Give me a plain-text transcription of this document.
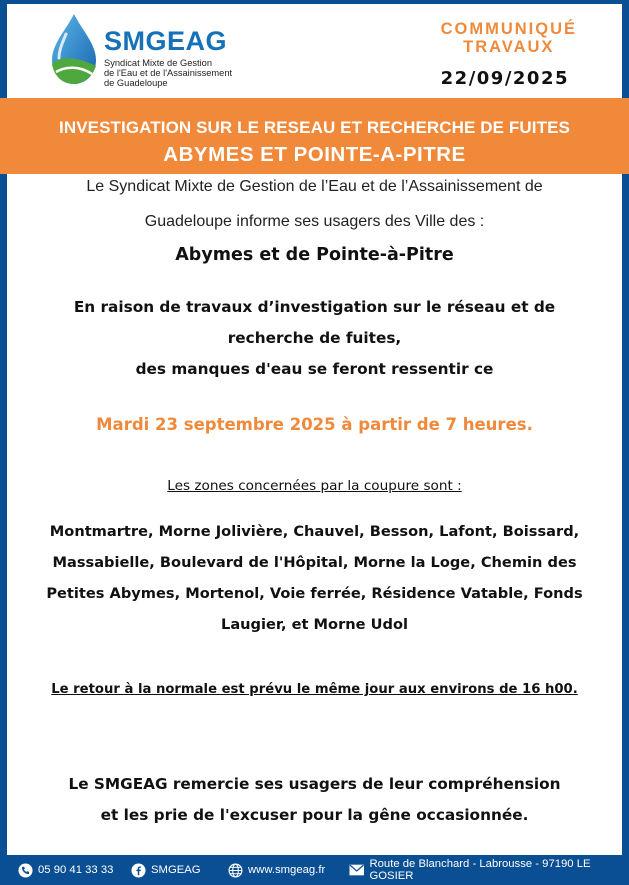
SMGEAG
Syndicat Mixte de Gestion
de l'Eau et de l'Assainissement
de Guadeloupe
COMMUNIQUÉ
TRAVAUX
22/09/2025
INVESTIGATION SUR LE RESEAU ET RECHERCHE DE FUITES
ABYMES ET POINTE-A-PITRE
Le Syndicat Mixte de Gestion de l’Eau et de l’Assainissement de
Guadeloupe informe ses usagers des Ville des :
Abymes et de Pointe-à-Pitre
En raison de travaux d’investigation sur le réseau et de
recherche de fuites,
des manques d'eau se feront ressentir ce
Mardi 23 septembre 2025 à partir de 7 heures.
Les zones concernées par la coupure sont :
Montmartre, Morne Jolivière, Chauvel, Besson, Lafont, Boissard,
Massabielle, Boulevard de l'Hôpital, Morne la Loge, Chemin des
Petites Abymes, Mortenol, Voie ferrée, Résidence Vatable, Fonds
Laugier, et Morne Udol
Le retour à la normale est prévu le même jour aux environs de 16 h00.
Le SMGEAG remercie ses usagers de leur compréhension
et les prie de l'excuser pour la gêne occasionnée.
05 90 41 33 33	SMGEAG	www.smgeag.fr	Route de Blanchard - Labrousse - 97190 LE GOSIER
